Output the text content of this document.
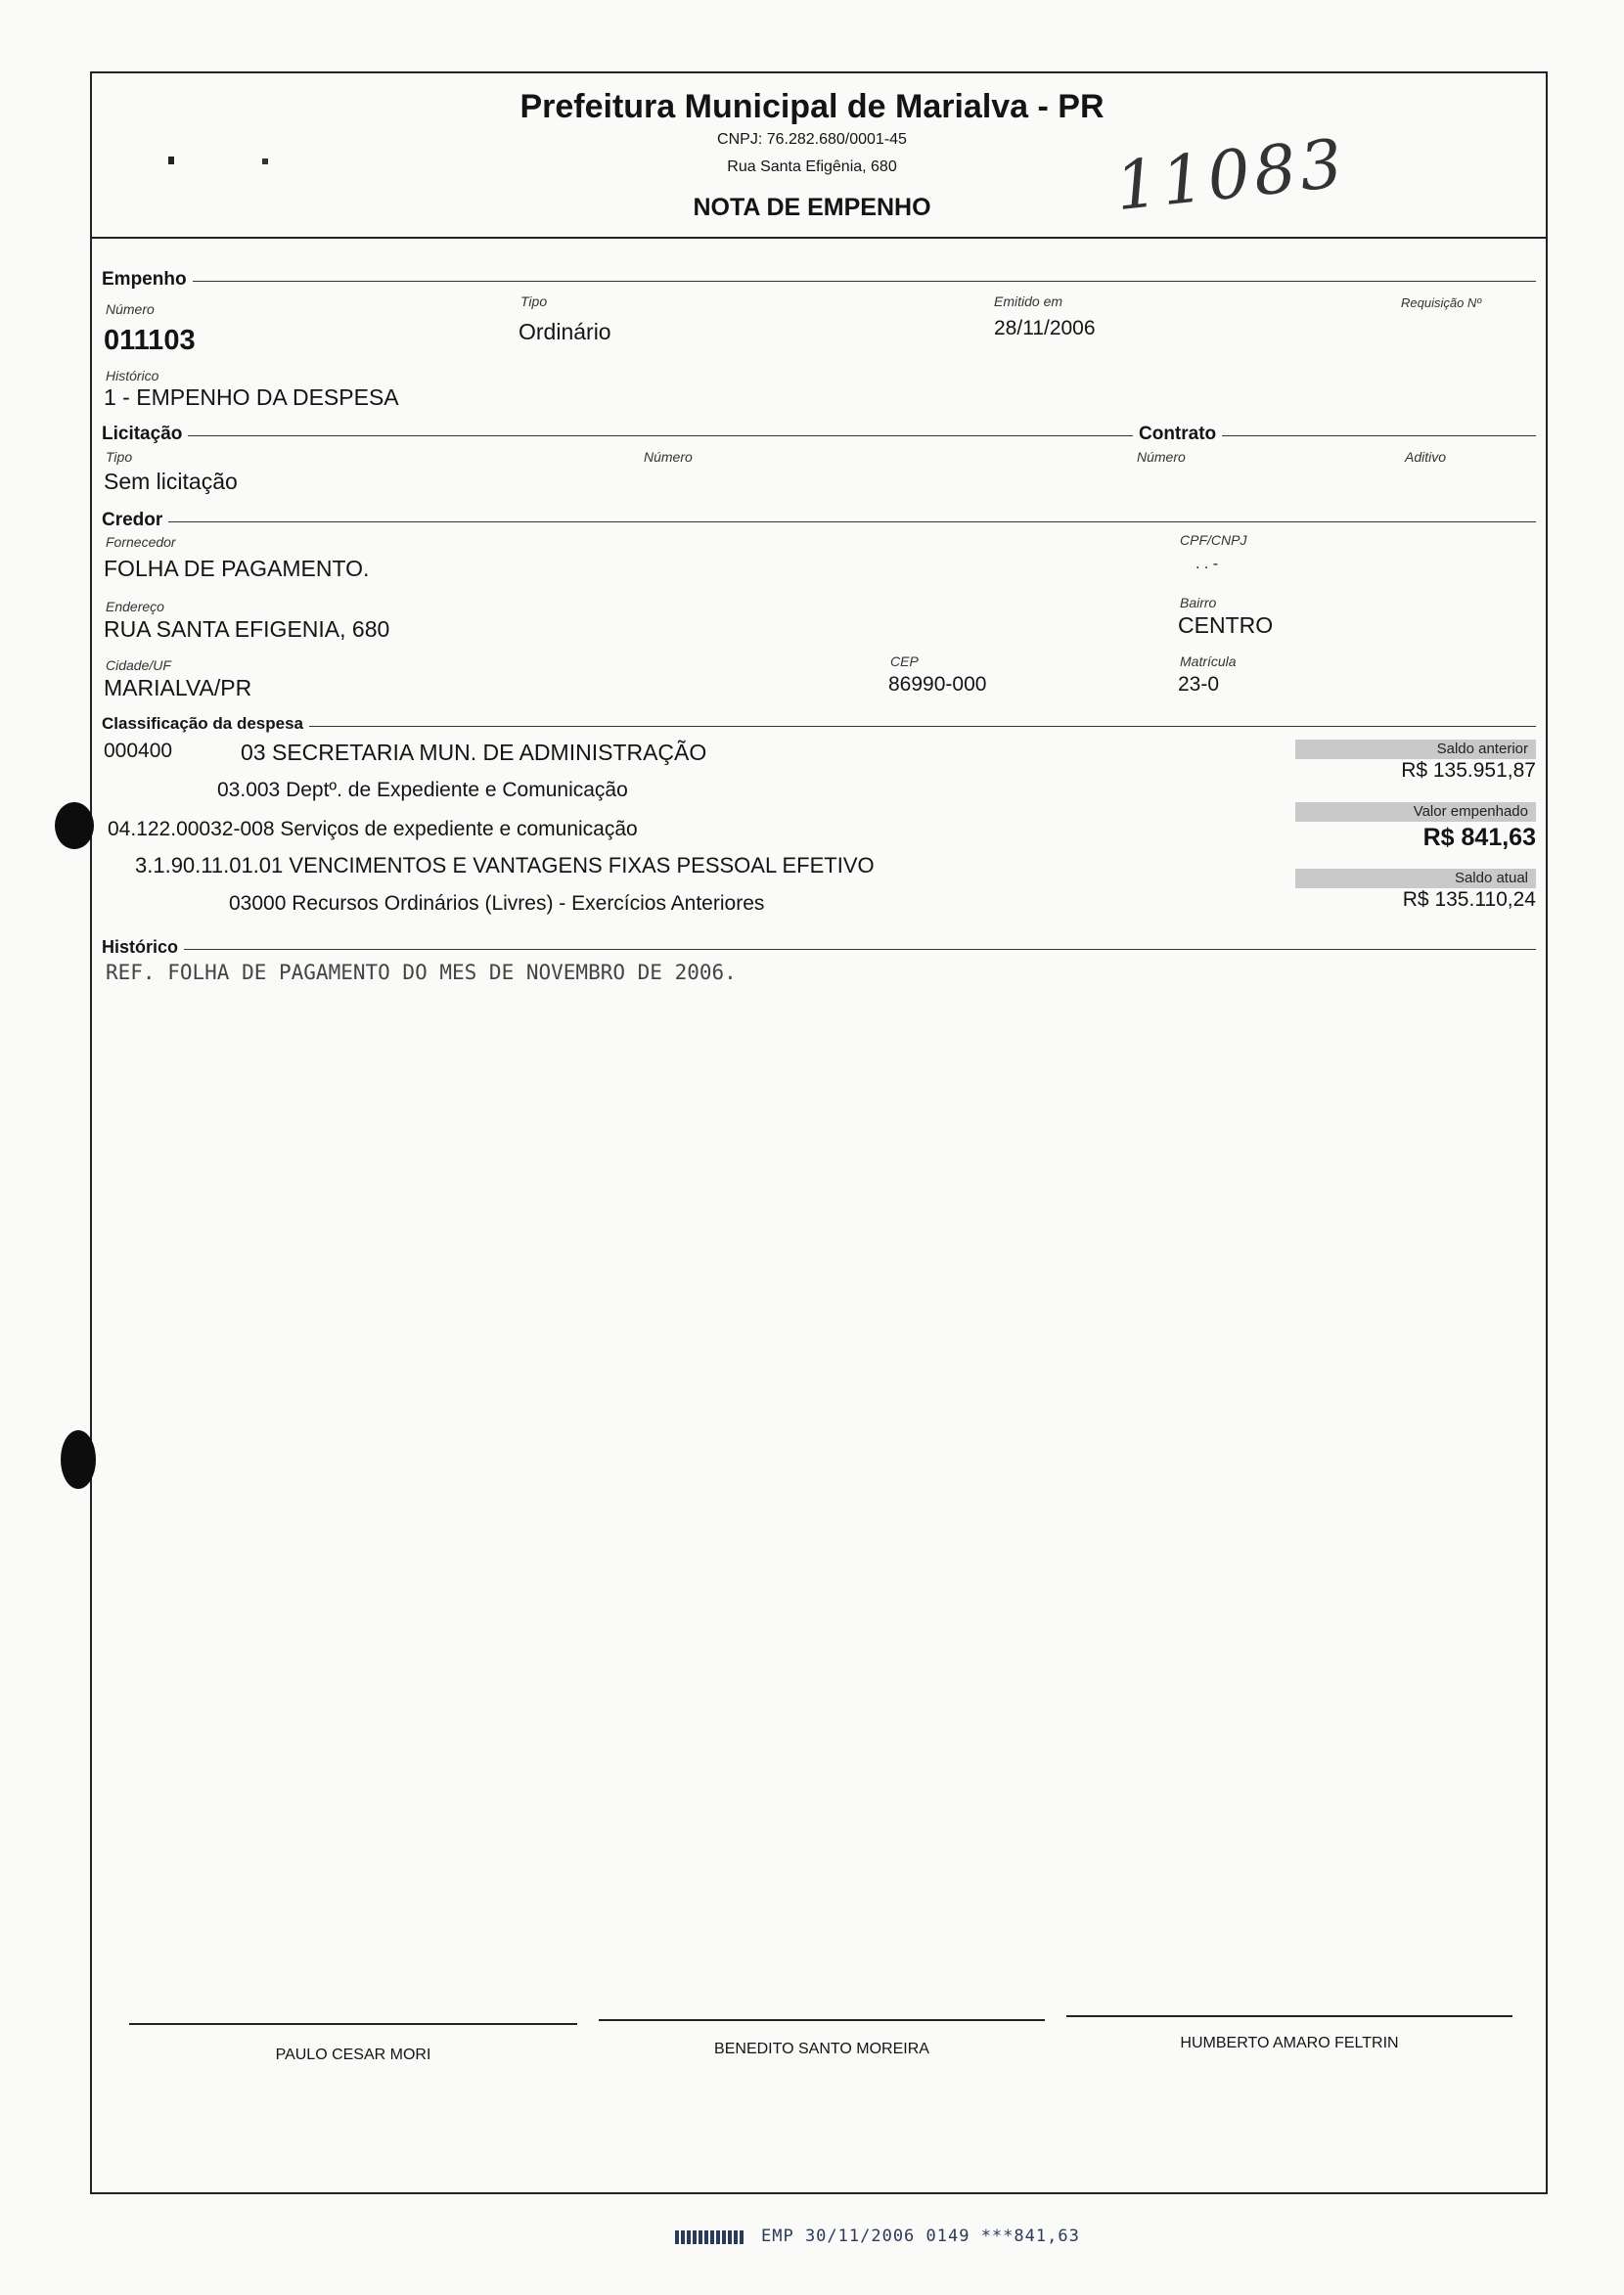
Prefeitura Municipal de Marialva - PR
CNPJ: 76.282.680/0001-45
Rua Santa Efigênia, 680
NOTA DE EMPENHO	11083
Empenho
Número
011103
Tipo
Ordinário
Emitido em
28/11/2006
Requisição Nº
Histórico
1 - EMPENHO DA DESPESA
Licitação	Contrato
Tipo
Sem licitação
Número	Número	Aditivo
Credor
Fornecedor
FOLHA DE PAGAMENTO.
CPF/CNPJ
. . -
Endereço
RUA SANTA EFIGENIA, 680
Bairro
CENTRO
Cidade/UF
MARIALVA/PR
CEP
86990-000
Matrícula
23-0
Classificação da despesa
000400	03 SECRETARIA MUN. DE ADMINISTRAÇÃO
03.003 Deptº. de Expediente e Comunicação
04.122.00032-008 Serviços de expediente e comunicação
3.1.90.11.01.01 VENCIMENTOS E VANTAGENS FIXAS PESSOAL EFETIVO
03000 Recursos Ordinários (Livres) - Exercícios Anteriores
Saldo anterior
R$ 135.951,87
Valor empenhado
R$ 841,63
Saldo atual
R$ 135.110,24
Histórico
REF. FOLHA DE PAGAMENTO DO MES DE NOVEMBRO DE 2006.
PAULO CESAR MORI	BENEDITO SANTO MOREIRA	HUMBERTO AMARO FELTRIN
EMP 30/11/2006 0149 ***841,63
